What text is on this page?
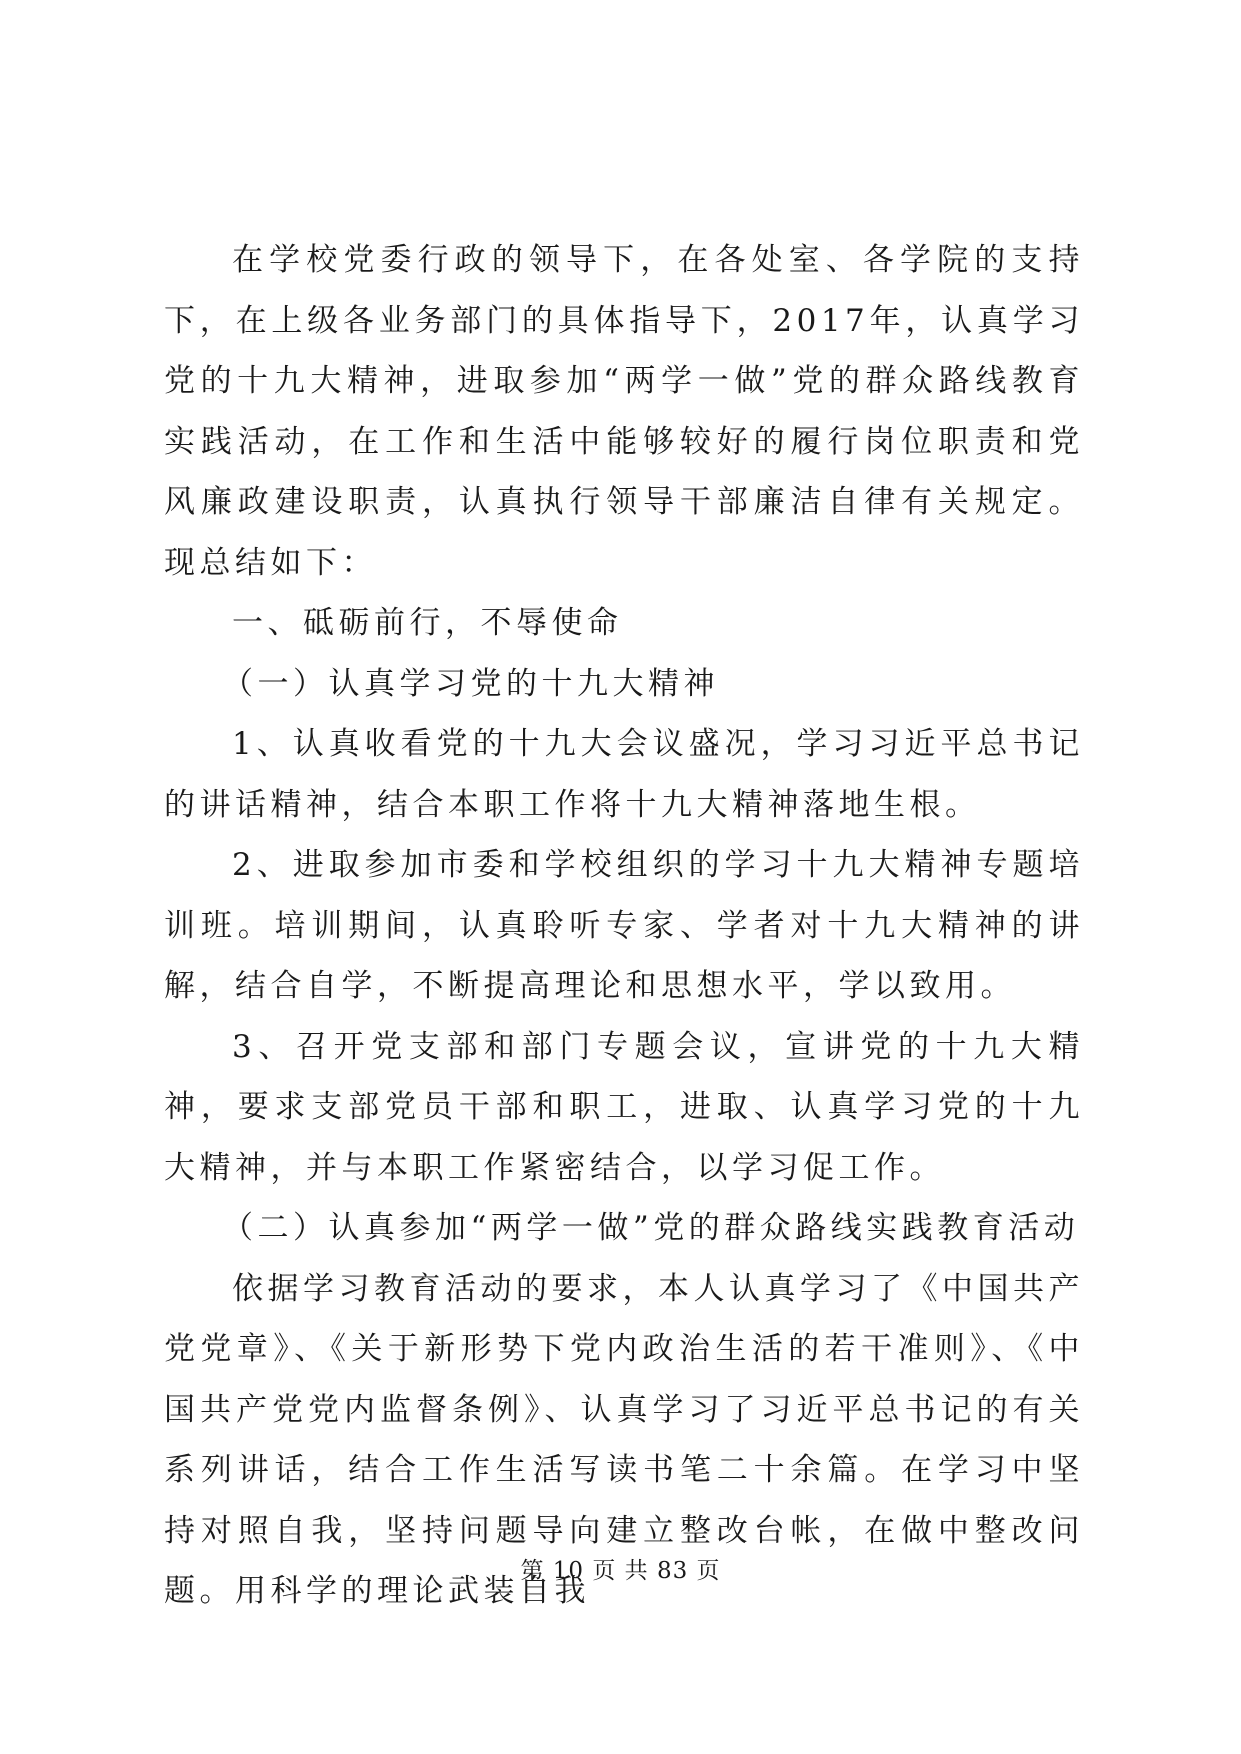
在学校党委行政的领导下，在各处室、各学院的支持下，在上级各业务部门的具体指导下，2017年，认真学习党的十九大精神，进取参加“两学一做”党的群众路线教育实践活动，在工作和生活中能够较好的履行岗位职责和党风廉政建设职责，认真执行领导干部廉洁自律有关规定。现总结如下：

一、砥砺前行，不辱使命

（一）认真学习党的十九大精神

1、认真收看党的十九大会议盛况，学习习近平总书记的讲话精神，结合本职工作将十九大精神落地生根。

2、进取参加市委和学校组织的学习十九大精神专题培训班。培训期间，认真聆听专家、学者对十九大精神的讲解，结合自学，不断提高理论和思想水平，学以致用。

3、召开党支部和部门专题会议，宣讲党的十九大精神，要求支部党员干部和职工，进取、认真学习党的十九大精神，并与本职工作紧密结合，以学习促工作。

（二）认真参加“两学一做”党的群众路线实践教育活动

依据学习教育活动的要求，本人认真学习了《中国共产党党章》、《关于新形势下党内政治生活的若干准则》、《中国共产党党内监督条例》、认真学习了习近平总书记的有关系列讲话，结合工作生活写读书笔二十余篇。在学习中坚持对照自我，坚持问题导向建立整改台帐，在做中整改问题。用科学的理论武装自我

第 10 页 共 83 页
